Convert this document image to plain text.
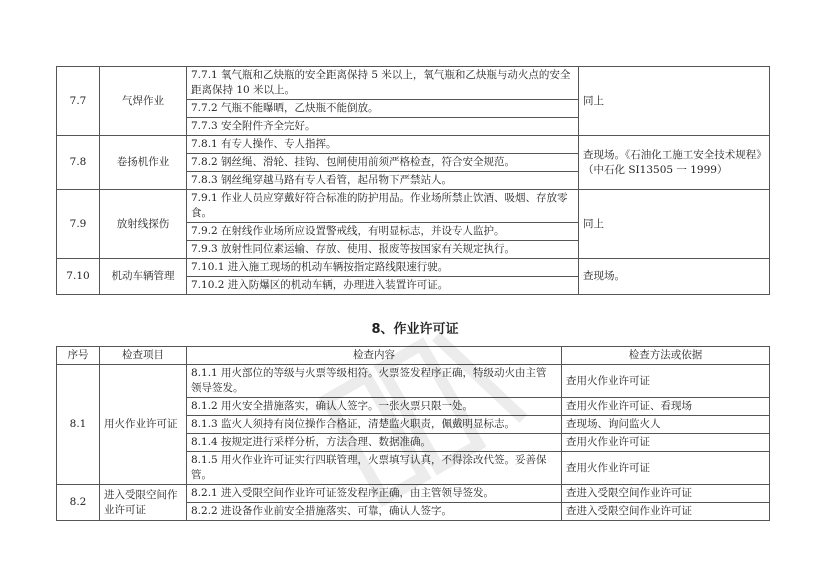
7.7	气焊作业	7.7.1 氧气瓶和乙炔瓶的安全距离保持 5 米以上，氧气瓶和乙炔瓶与动火点的安全距离保持 10 米以上。	同上
		7.7.2 气瓶不能曝晒，乙炔瓶不能倒放。	
		7.7.3 安全附件齐全完好。	
7.8	卷扬机作业	7.8.1 有专人操作、专人指挥。	查现场。《石油化工施工安全技术规程》（中石化 SI13505 一 1999）
		7.8.2 钢丝绳、滑轮、挂钩、包闸使用前须严格检查，符合安全规范。	
		7.8.3 钢丝绳穿越马路有专人看管，起吊物下严禁站人。	
7.9	放射线探伤	7.9.1 作业人员应穿戴好符合标准的防护用品。作业场所禁止饮酒、吸烟、存放零食。	同上
		7.9.2 在射线作业场所应设置警戒线，有明显标志，并设专人监护。	
		7.9.3 放射性同位素运输、存放、使用、报废等按国家有关规定执行。	
7.10	机动车辆管理	7.10.1 进入施工现场的机动车辆按指定路线限速行驶。	查现场。
		7.10.2 进入防爆区的机动车辆，办理进入装置许可证。	
8、作业许可证
序号	检查项目	检查内容	检查方法或依据
8.1	用火作业许可证	8.1.1 用火部位的等级与火票等级相符。火票签发程序正确，特级动火由主管领导签发。	查用火作业许可证
		8.1.2 用火安全措施落实，确认人签字。一张火票只限一处。	查用火作业许可证、看现场
		8.1.3 监火人须持有岗位操作合格证，清楚监火职责，佩戴明显标志。	查现场、询问监火人
		8.1.4 按规定进行采样分析，方法合理、数据准确。	查用火作业许可证
		8.1.5 用火作业许可证实行四联管理，火票填写认真，不得涂改代签。妥善保管。	查用火作业许可证
8.2	进入受限空间作业许可证	8.2.1 进入受限空间作业许可证签发程序正确，由主管领导签发。	查进入受限空间作业许可证
		8.2.2 进设备作业前安全措施落实、可靠，确认人签字。	查进入受限空间作业许可证
